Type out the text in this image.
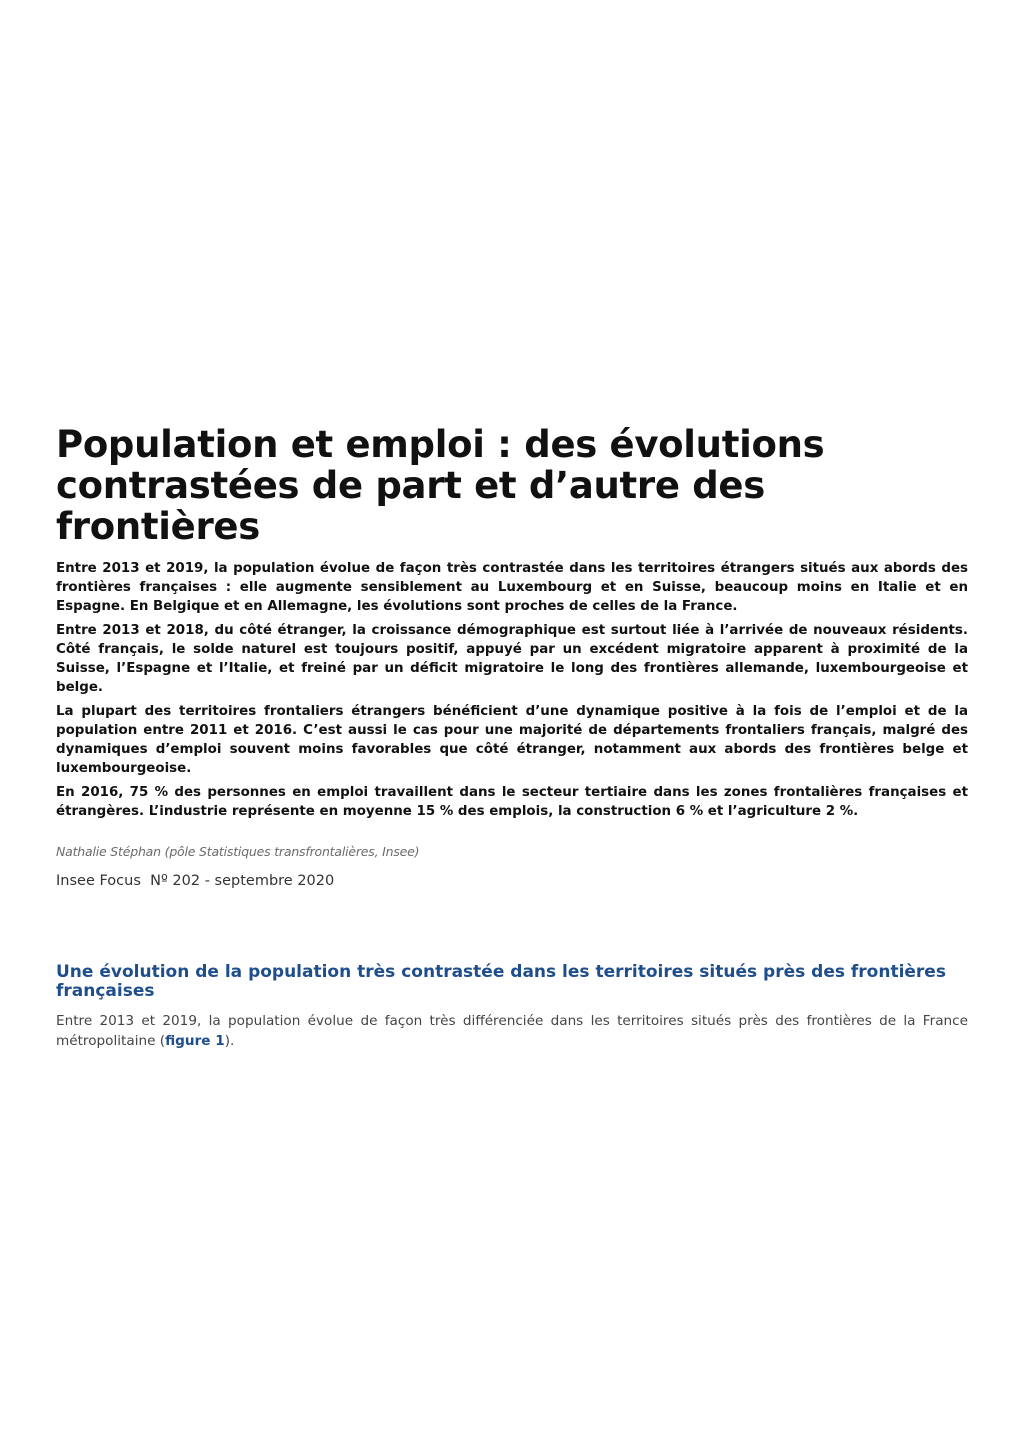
Population et emploi : des évolutions contrastées de part et d’autre des frontières

Entre 2013 et 2019, la population évolue de façon très contrastée dans les territoires étrangers situés aux abords des frontières françaises : elle augmente sensiblement au Luxembourg et en Suisse, beaucoup moins en Italie et en Espagne. En Belgique et en Allemagne, les évolutions sont proches de celles de la France.

Entre 2013 et 2018, du côté étranger, la croissance démographique est surtout liée à l’arrivée de nouveaux résidents. Côté français, le solde naturel est toujours positif, appuyé par un excédent migratoire apparent à proximité de la Suisse, l’Espagne et l’Italie, et freiné par un déficit migratoire le long des frontières allemande, luxembourgeoise et belge.

La plupart des territoires frontaliers étrangers bénéficient d’une dynamique positive à la fois de l’emploi et de la population entre 2011 et 2016. C’est aussi le cas pour une majorité de départements frontaliers français, malgré des dynamiques d’emploi souvent moins favorables que côté étranger, notamment aux abords des frontières belge et luxembourgeoise.

En 2016, 75 % des personnes en emploi travaillent dans le secteur tertiaire dans les zones frontalières françaises et étrangères. L’industrie représente en moyenne 15 % des emplois, la construction 6 % et l’agriculture 2 %.

Nathalie Stéphan (pôle Statistiques transfrontalières, Insee)
Insee Focus Nº 202 - septembre 2020
Une évolution de la population très contrastée dans les territoires situés près des frontières françaises

Entre 2013 et 2019, la population évolue de façon très différenciée dans les territoires situés près des frontières de la France métropolitaine (figure 1).
